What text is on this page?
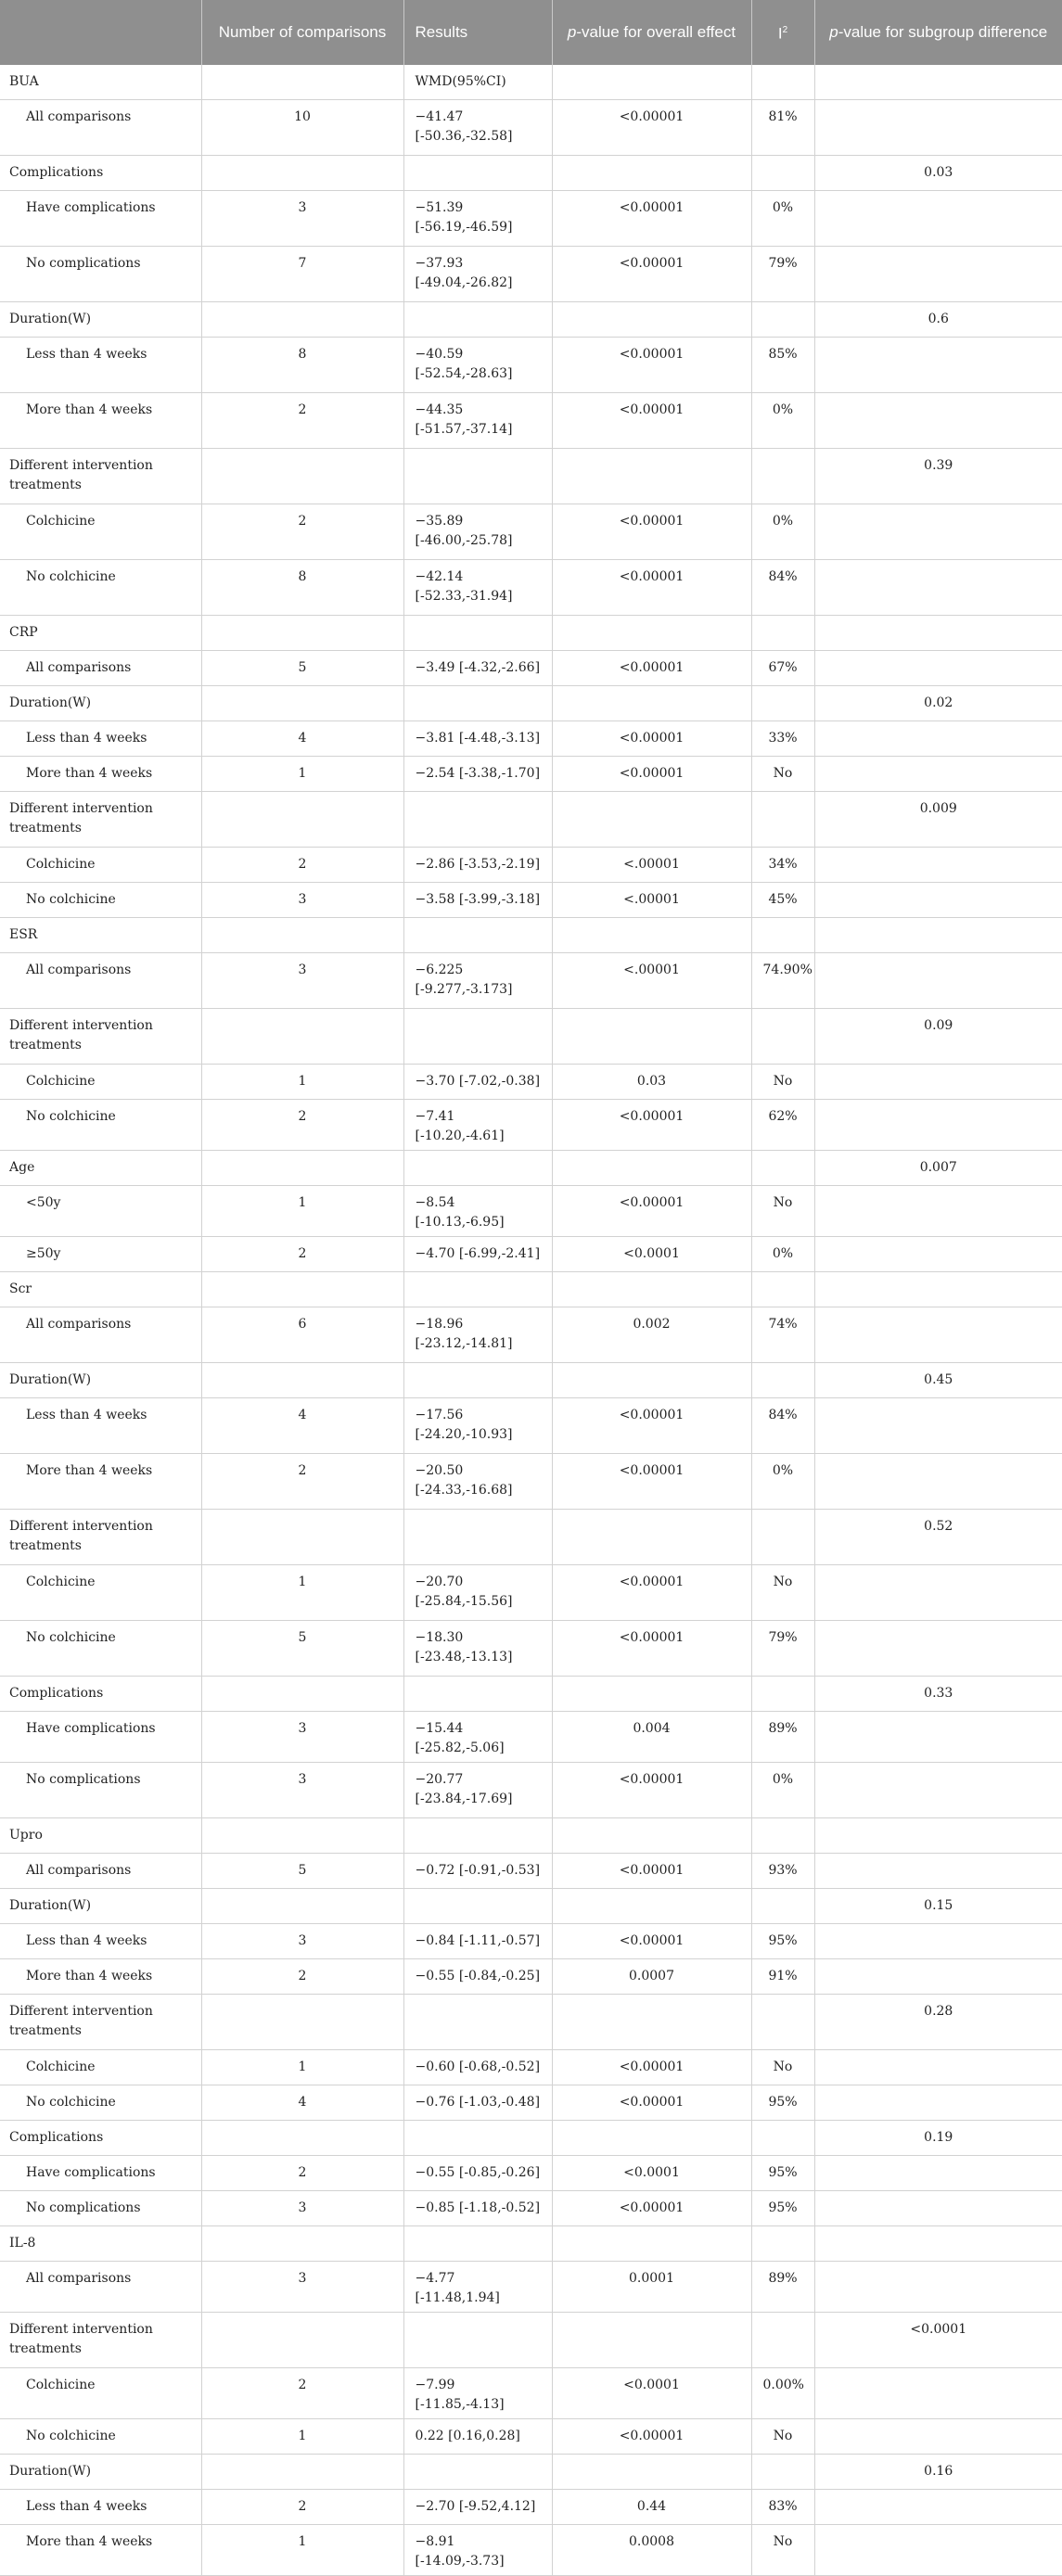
	Number of comparisons	Results	p-value for overall effect	$I^2$	p-value for subgroup difference
BUA		WMD(95%CI)			
All comparisons	10	−41.47 [-50.36,-32.58]	<0.00001	81%	
Complications					0.03
Have complications	3	−51.39 [-56.19,-46.59]	<0.00001	0%	
No complications	7	−37.93 [-49.04,-26.82]	<0.00001	79%	
Duration(W)					0.6
Less than 4 weeks	8	−40.59 [-52.54,-28.63]	<0.00001	85%	
More than 4 weeks	2	−44.35 [-51.57,-37.14]	<0.00001	0%	
Different intervention treatments					0.39
Colchicine	2	−35.89 [-46.00,-25.78]	<0.00001	0%	
No colchicine	8	−42.14 [-52.33,-31.94]	<0.00001	84%	
CRP					
All comparisons	5	−3.49 [-4.32,-2.66]	<0.00001	67%	
Duration(W)					0.02
Less than 4 weeks	4	−3.81 [-4.48,-3.13]	<0.00001	33%	
More than 4 weeks	1	−2.54 [-3.38,-1.70]	<0.00001	No	
Different intervention treatments					0.009
Colchicine	2	−2.86 [-3.53,-2.19]	<.00001	34%	
No colchicine	3	−3.58 [-3.99,-3.18]	<.00001	45%	
ESR					
All comparisons	3	−6.225 [-9.277,-3.173]	<.00001	74.90%	
Different intervention treatments					0.09
Colchicine	1	−3.70 [-7.02,-0.38]	0.03	No	
No colchicine	2	−7.41 [-10.20,-4.61]	<0.00001	62%	
Age					0.007
<50y	1	−8.54 [-10.13,-6.95]	<0.00001	No	
≥50y	2	−4.70 [-6.99,-2.41]	<0.0001	0%	
Scr					
All comparisons	6	−18.96 [-23.12,-14.81]	0.002	74%	
Duration(W)					0.45
Less than 4 weeks	4	−17.56 [-24.20,-10.93]	<0.00001	84%	
More than 4 weeks	2	−20.50 [-24.33,-16.68]	<0.00001	0%	
Different intervention treatments					0.52
Colchicine	1	−20.70 [-25.84,-15.56]	<0.00001	No	
No colchicine	5	−18.30 [-23.48,-13.13]	<0.00001	79%	
Complications					0.33
Have complications	3	−15.44 [-25.82,-5.06]	0.004	89%	
No complications	3	−20.77 [-23.84,-17.69]	<0.00001	0%	
Upro					
All comparisons	5	−0.72 [-0.91,-0.53]	<0.00001	93%	
Duration(W)					0.15
Less than 4 weeks	3	−0.84 [-1.11,-0.57]	<0.00001	95%	
More than 4 weeks	2	−0.55 [-0.84,-0.25]	0.0007	91%	
Different intervention treatments					0.28
Colchicine	1	−0.60 [-0.68,-0.52]	<0.00001	No	
No colchicine	4	−0.76 [-1.03,-0.48]	<0.00001	95%	
Complications					0.19
Have complications	2	−0.55 [-0.85,-0.26]	<0.0001	95%	
No complications	3	−0.85 [-1.18,-0.52]	<0.00001	95%	
IL-8					
All comparisons	3	−4.77 [-11.48,1.94]	0.0001	89%	
Different intervention treatments					<0.0001
Colchicine	2	−7.99 [-11.85,-4.13]	<0.0001	0.00%	
No colchicine	1	0.22 [0.16,0.28]	<0.00001	No	
Duration(W)					0.16
Less than 4 weeks	2	−2.70 [-9.52,4.12]	0.44	83%	
More than 4 weeks	1	−8.91 [-14.09,-3.73]	0.0008	No	
